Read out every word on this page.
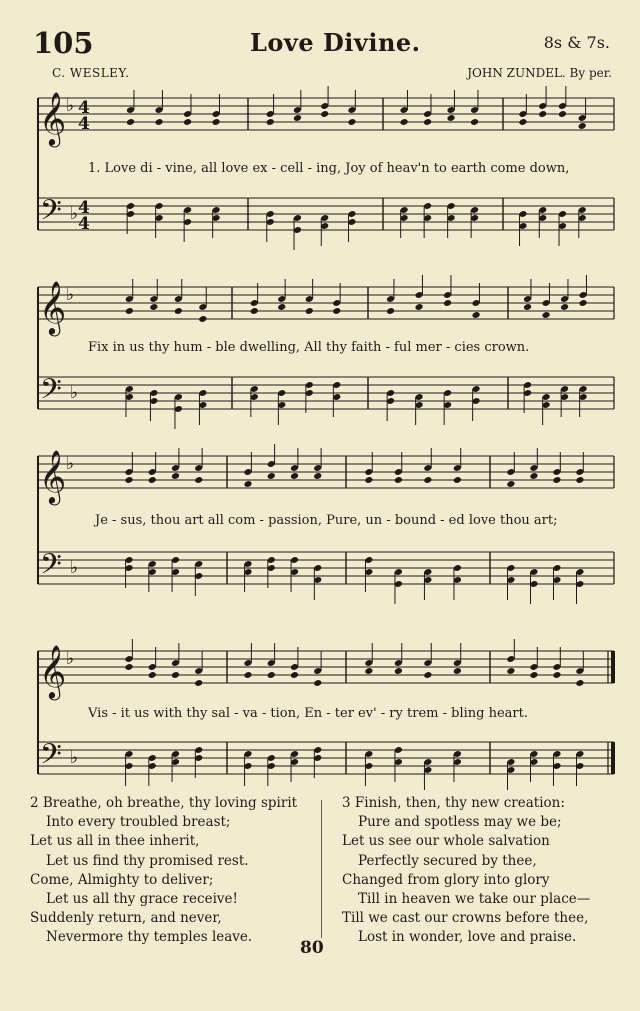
105	Love Divine.	8s & 7s.
C. WESLEY.	JOHN ZUNDEL. By per.
𝄞 ♭
𝄢 ♭
4
4
4
4
𝄞 ♭
𝄢 ♭
𝄞 ♭
𝄢 ♭
𝄞 ♭
𝄢 ♭
1. Love di - vine, all love ex - cell - ing, Joy of heav'n to earth come down,
Fix in us thy hum - ble dwelling, All thy faith - ful mer - cies crown.
Je - sus, thou art all com - passion, Pure, un - bound - ed love thou art;
Vis - it us with thy sal - va - tion, En - ter ev' - ry trem - bling heart.
2 Breathe, oh breathe, thy loving spirit
Into every troubled breast;
Let us all in thee inherit,
Let us find thy promised rest.
Come, Almighty to deliver;
Let us all thy grace receive!
Suddenly return, and never,
Nevermore thy temples leave.
3 Finish, then, thy new creation:
Pure and spotless may we be;
Let us see our whole salvation
Perfectly secured by thee,
Changed from glory into glory
Till in heaven we take our place—
Till we cast our crowns before thee,
Lost in wonder, love and praise.
80
